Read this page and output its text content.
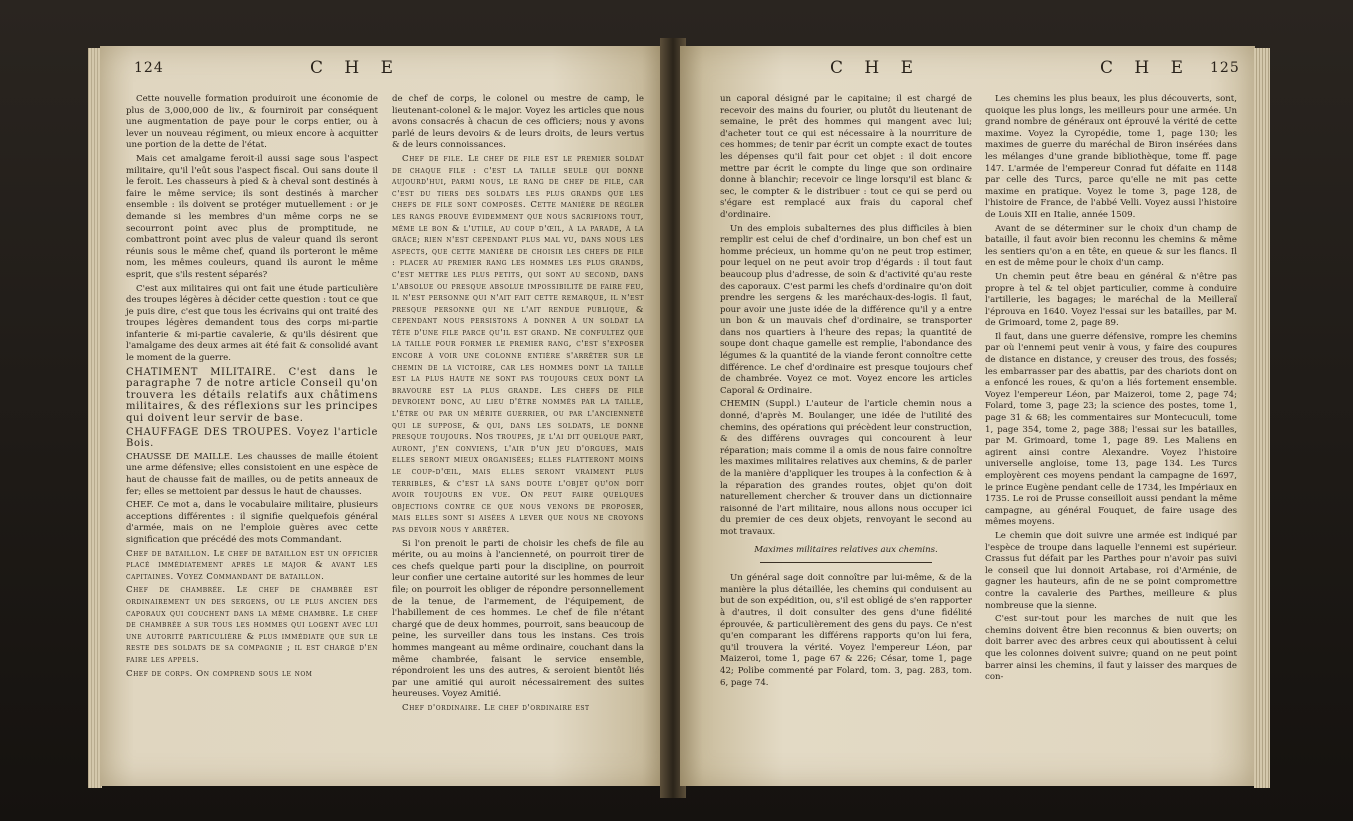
124	C H E

Cette nouvelle formation produiroit une économie de plus de 3,000,000 de liv., & fourniroit par conséquent une augmentation de paye pour le corps entier, ou à lever un nouveau régiment, ou mieux encore à acquitter une portion de la dette de l'état.

Mais cet amalgame feroit-il aussi sage sous l'aspect militaire, qu'il l'eût sous l'aspect fiscal. Oui sans doute il le feroit. Les chasseurs à pied & à cheval sont destinés à faire le même service; ils sont destinés à marcher ensemble : ils doivent se protéger mutuellement : or je demande si les membres d'un même corps ne se secourront point avec plus de promptitude, ne combattront point avec plus de valeur quand ils seront réunis sous le même chef, quand ils porteront le même nom, les mêmes couleurs, quand ils auront le même esprit, que s'ils restent séparés?

C'est aux militaires qui ont fait une étude particulière des troupes légères à décider cette question : tout ce que je puis dire, c'est que tous les écrivains qui ont traité des troupes légères demandent tous des corps mi-partie infanterie & mi-partie cavalerie, & qu'ils désirent que l'amalgame des deux armes ait été fait & consolidé avant le moment de la guerre.

CHATIMENT MILITAIRE. C'est dans le paragraphe 7 de notre article Conseil qu'on trouvera les détails relatifs aux châtimens militaires, & des réflexions sur les principes qui doivent leur servir de base.

CHAUFFAGE DES TROUPES. Voyez l'article Bois.

CHAUSSE DE MAILLE. Les chausses de maille étoient une arme défensive; elles consistoient en une espèce de haut de chausse fait de mailles, ou de petits anneaux de fer; elles se mettoient par dessus le haut de chausses.

CHEF. Ce mot a, dans le vocabulaire militaire, plusieurs acceptions différentes : il signifie quelquefois général d'armée, mais on ne l'emploie guères avec cette signification que précédé des mots Commandant.

Chef de bataillon. Le chef de bataillon est un officier placé immédiatement après le major & avant les capitaines. Voyez Commandant de bataillon.

Chef de chambrée. Le chef de chambrée est ordinairement un des sergens, ou le plus ancien des caporaux qui couchent dans la même chambre. Le chef de chambrée a sur tous les hommes qui logent avec lui une autorité particulière & plus immédiate que sur le reste des soldats de sa compagnie ; il est chargé d'en faire les appels.

Chef de corps. On comprend sous le nom

de chef de corps, le colonel ou mestre de camp, le lieutenant-colonel & le major. Voyez les articles que nous avons consacrés à chacun de ces officiers; nous y avons parlé de leurs devoirs & de leurs droits, de leurs vertus & de leurs connoissances.

Chef de file. Le chef de file est le premier soldat de chaque file : c'est la taille seule qui donne aujourd'hui, parmi nous, le rang de chef de file, car c'est du tiers des soldats les plus grands que les chefs de file sont composés. Cette manière de régler les rangs prouve évidemment que nous sacrifions tout, même le bon & l'utile, au coup d'œil, à la parade, à la grâce; rien n'est cependant plus mal vu, dans nous les aspects, que cette manière de choisir les chefs de file : placer au premier rang les hommes les plus grands, c'est mettre les plus petits, qui sont au second, dans l'absolue ou presque absolue impossibilité de faire feu, il n'est personne qui n'ait fait cette remarque, il n'est presque personne qui ne l'ait rendue publique, & cependant nous persistons à donner à un soldat la tête d'une file parce qu'il est grand. Ne confultez que la taille pour former le premier rang, c'est s'exposer encore à voir une colonne entière s'arrêter sur le chemin de la victoire, car les hommes dont la taille est la plus haute ne sont pas toujours ceux dont la bravoure est la plus grande. Les chefs de file devroient donc, au lieu d'être nommés par la taille, l'être ou par un mérite guerrier, ou par l'ancienneté qui le suppose, & qui, dans les soldats, le donne presque toujours. Nos troupes, je l'ai dit quelque part, auront, j'en conviens, l'air d'un jeu d'orgues, mais elles seront mieux organisées; elles flatteront moins le coup-d'œil, mais elles seront vraiment plus terribles, & c'est là sans doute l'objet qu'on doit avoir toujours en vue. On peut faire quelques objections contre ce que nous venons de proposer, mais elles sont si aisées à lever que nous ne croyons pas devoir nous y arrêter.

Si l'on prenoit le parti de choisir les chefs de file au mérite, ou au moins à l'ancienneté, on pourroit tirer de ces chefs quelque parti pour la discipline, on pourroit leur confier une certaine autorité sur les hommes de leur file; on pourroit les obliger de répondre personnellement de la tenue, de l'armement, de l'équipement, de l'habillement de ces hommes. Le chef de file n'étant chargé que de deux hommes, pourroit, sans beaucoup de peine, les surveiller dans tous les instans. Ces trois hommes mangeant au même ordinaire, couchant dans la même chambrée, faisant le service ensemble, répondroient les uns des autres, & seroient bientôt liés par une amitié qui auroit nécessairement des suites heureuses. Voyez Amitié.

Chef d'ordinaire. Le chef d'ordinaire est

C H E	C H E 125

un caporal désigné par le capitaine; il est chargé de recevoir des mains du fourier, ou plutôt du lieutenant de semaine, le prêt des hommes qui mangent avec lui; d'acheter tout ce qui est nécessaire à la nourriture de ces hommes; de tenir par écrit un compte exact de toutes les dépenses qu'il fait pour cet objet : il doit encore mettre par écrit le compte du linge que son ordinaire donne à blanchir; recevoir ce linge lorsqu'il est blanc & sec, le compter & le distribuer : tout ce qui se perd ou s'égare est remplacé aux frais du caporal chef d'ordinaire.

Un des emplois subalternes des plus difficiles à bien remplir est celui de chef d'ordinaire, un bon chef est un homme précieux, un homme qu'on ne peut trop estimer, pour lequel on ne peut avoir trop d'égards : il tout faut beaucoup plus d'adresse, de soin & d'activité qu'au reste des caporaux. C'est parmi les chefs d'ordinaire qu'on doit prendre les sergens & les maréchaux-des-logis. Il faut, pour avoir une juste idée de la différence qu'il y a entre un bon & un mauvais chef d'ordinaire, se transporter dans nos quartiers à l'heure des repas; la quantité de soupe dont chaque gamelle est remplie, l'abondance des légumes & la quantité de la viande feront connoître cette différence. Le chef d'ordinaire est presque toujours chef de chambrée. Voyez ce mot. Voyez encore les articles Caporal & Ordinaire.

CHEMIN (Suppl.) L'auteur de l'article chemin nous a donné, d'après M. Boulanger, une idée de l'utilité des chemins, des opérations qui précèdent leur construction, & des différens ouvrages qui concourent à leur réparation; mais comme il a omis de nous faire connoître les maximes militaires relatives aux chemins, & de parler de la manière d'appliquer les troupes à la confection & à la réparation des grandes routes, objet qu'on doit naturellement chercher & trouver dans un dictionnaire raisonné de l'art militaire, nous allons nous occuper ici du premier de ces deux objets, renvoyant le second au mot travaux.

Maximes militaires relatives aux chemins.

Un général sage doit connoître par lui-même, & de la manière la plus détaillée, les chemins qui conduisent au but de son expédition, ou, s'il est obligé de s'en rapporter à d'autres, il doit consulter des gens d'une fidélité éprouvée, & particulièrement des gens du pays. Ce n'est qu'en comparant les différens rapports qu'on lui fera, qu'il trouvera la vérité. Voyez l'empereur Léon, par Maizeroi, tome 1, page 67 & 226; César, tome 1, page 42; Polibe commenté par Folard, tom. 3, pag. 283, tom. 6, page 74.

Les chemins les plus beaux, les plus découverts, sont, quoique les plus longs, les meilleurs pour une armée. Un grand nombre de généraux ont éprouvé la vérité de cette maxime. Voyez la Cyropédie, tome 1, page 130; les maximes de guerre du maréchal de Biron insérées dans les mélanges d'une grande bibliothèque, tome ff. page 147. L'armée de l'empereur Conrad fut défaite en 1148 par celle des Turcs, parce qu'elle ne mit pas cette maxime en pratique. Voyez le tome 3, page 128, de l'histoire de France, de l'abbé Velli. Voyez aussi l'histoire de Louis XII en Italie, année 1509.

Avant de se déterminer sur le choix d'un champ de bataille, il faut avoir bien reconnu les chemins & même les sentiers qu'on a en tête, en queue & sur les flancs. Il en est de même pour le choix d'un camp.

Un chemin peut être beau en général & n'être pas propre à tel & tel objet particulier, comme à conduire l'artillerie, les bagages; le maréchal de la Meilleraï l'éprouva en 1640. Voyez l'essai sur les batailles, par M. de Grimoard, tome 2, page 89.

Il faut, dans une guerre défensive, rompre les chemins par où l'ennemi peut venir à vous, y faire des coupures de distance en distance, y creuser des trous, des fossés; les embarrasser par des abattis, par des chariots dont on a enfoncé les roues, & qu'on a liés fortement ensemble. Voyez l'empereur Léon, par Maizeroi, tome 2, page 74; Folard, tome 3, page 23; la science des postes, tome 1, page 31 & 68; les commentaires sur Montecuculi, tome 1, page 354, tome 2, page 388; l'essai sur les batailles, par M. Grimoard, tome 1, page 89. Les Maliens en agirent ainsi contre Alexandre. Voyez l'histoire universelle angloise, tome 13, page 134. Les Turcs employèrent ces moyens pendant la campagne de 1697, le prince Eugène pendant celle de 1734, les Impériaux en 1735. Le roi de Prusse conseilloit aussi pendant la même campagne, au général Fouquet, de faire usage des mêmes moyens.

Le chemin que doit suivre une armée est indiqué par l'espèce de troupe dans laquelle l'ennemi est supérieur. Crassus fut défait par les Parthes pour n'avoir pas suivi le conseil que lui donnoit Artabase, roi d'Arménie, de gagner les hauteurs, afin de ne se point compromettre contre la cavalerie des Parthes, meilleure & plus nombreuse que la sienne.

C'est sur-tout pour les marches de nuit que les chemins doivent être bien reconnus & bien ouverts; on doit barrer avec des arbres ceux qui aboutissent à celui que les colonnes doivent suivre; quand on ne peut point barrer ainsi les chemins, il faut y laisser des marques de con-
